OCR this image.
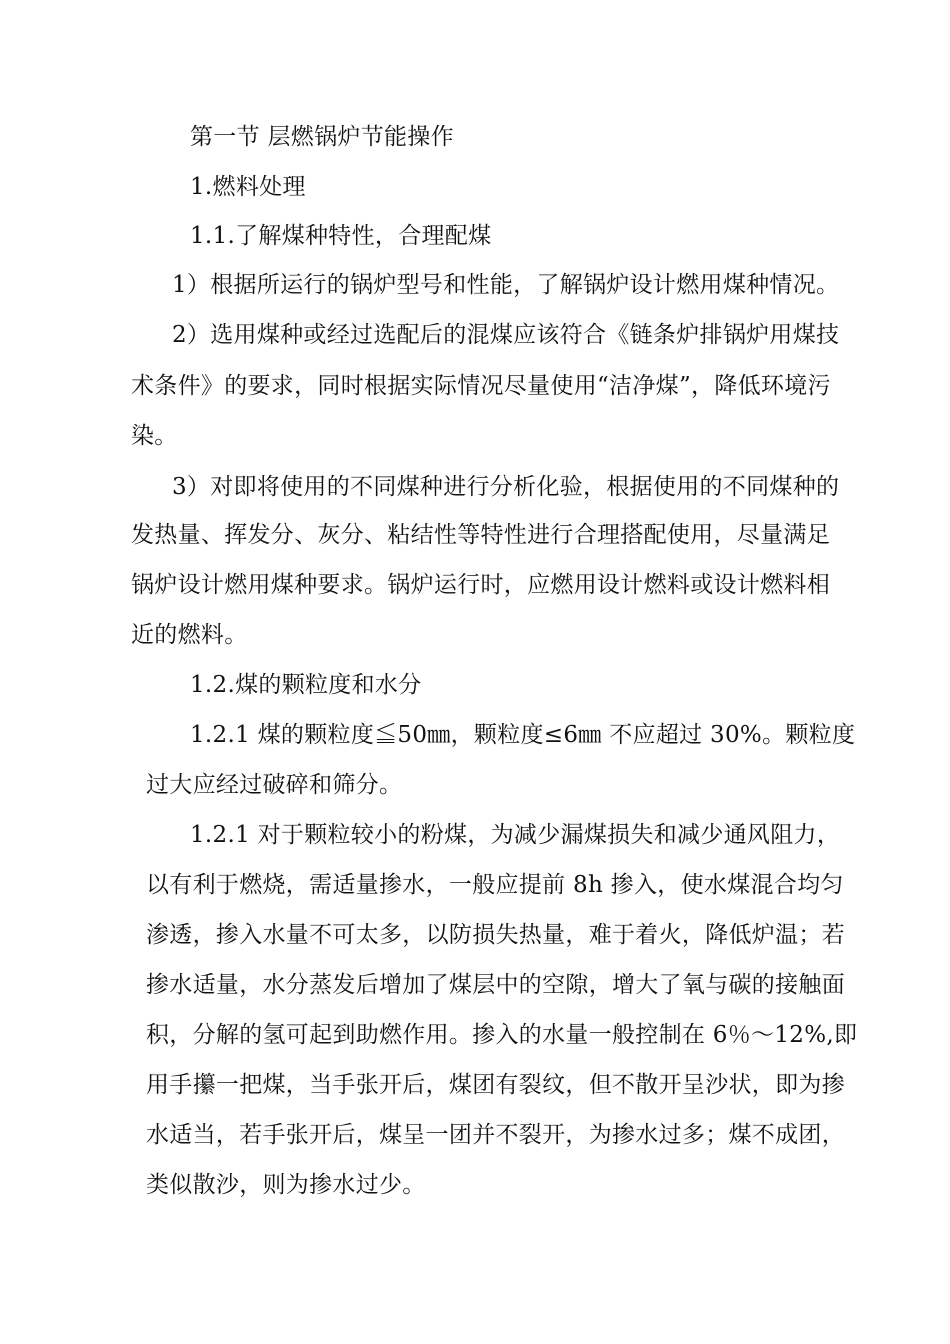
第一节 层燃锅炉节能操作
1.燃料处理
1.1.了解煤种特性，合理配煤
1）根据所运行的锅炉型号和性能，了解锅炉设计燃用煤种情况。
2）选用煤种或经过选配后的混煤应该符合《链条炉排锅炉用煤技
术条件》的要求，同时根据实际情况尽量使用“洁净煤”，降低环境污
染。
3）对即将使用的不同煤种进行分析化验，根据使用的不同煤种的
发热量、挥发分、灰分、粘结性等特性进行合理搭配使用，尽量满足
锅炉设计燃用煤种要求。锅炉运行时，应燃用设计燃料或设计燃料相
近的燃料。
1.2.煤的颗粒度和水分
1.2.1 煤的颗粒度≦50㎜，颗粒度≤6㎜ 不应超过 30%。颗粒度
过大应经过破碎和筛分。
1.2.1 对于颗粒较小的粉煤，为减少漏煤损失和减少通风阻力，
以有利于燃烧，需适量掺水，一般应提前 8h 掺入，使水煤混合均匀
渗透，掺入水量不可太多，以防损失热量，难于着火，降低炉温；若
掺水适量，水分蒸发后增加了煤层中的空隙，增大了氧与碳的接触面
积，分解的氢可起到助燃作用。掺入的水量一般控制在 6％～12%,即
用手攥一把煤，当手张开后，煤团有裂纹，但不散开呈沙状，即为掺
水适当，若手张开后，煤呈一团并不裂开，为掺水过多；煤不成团，
类似散沙，则为掺水过少。
